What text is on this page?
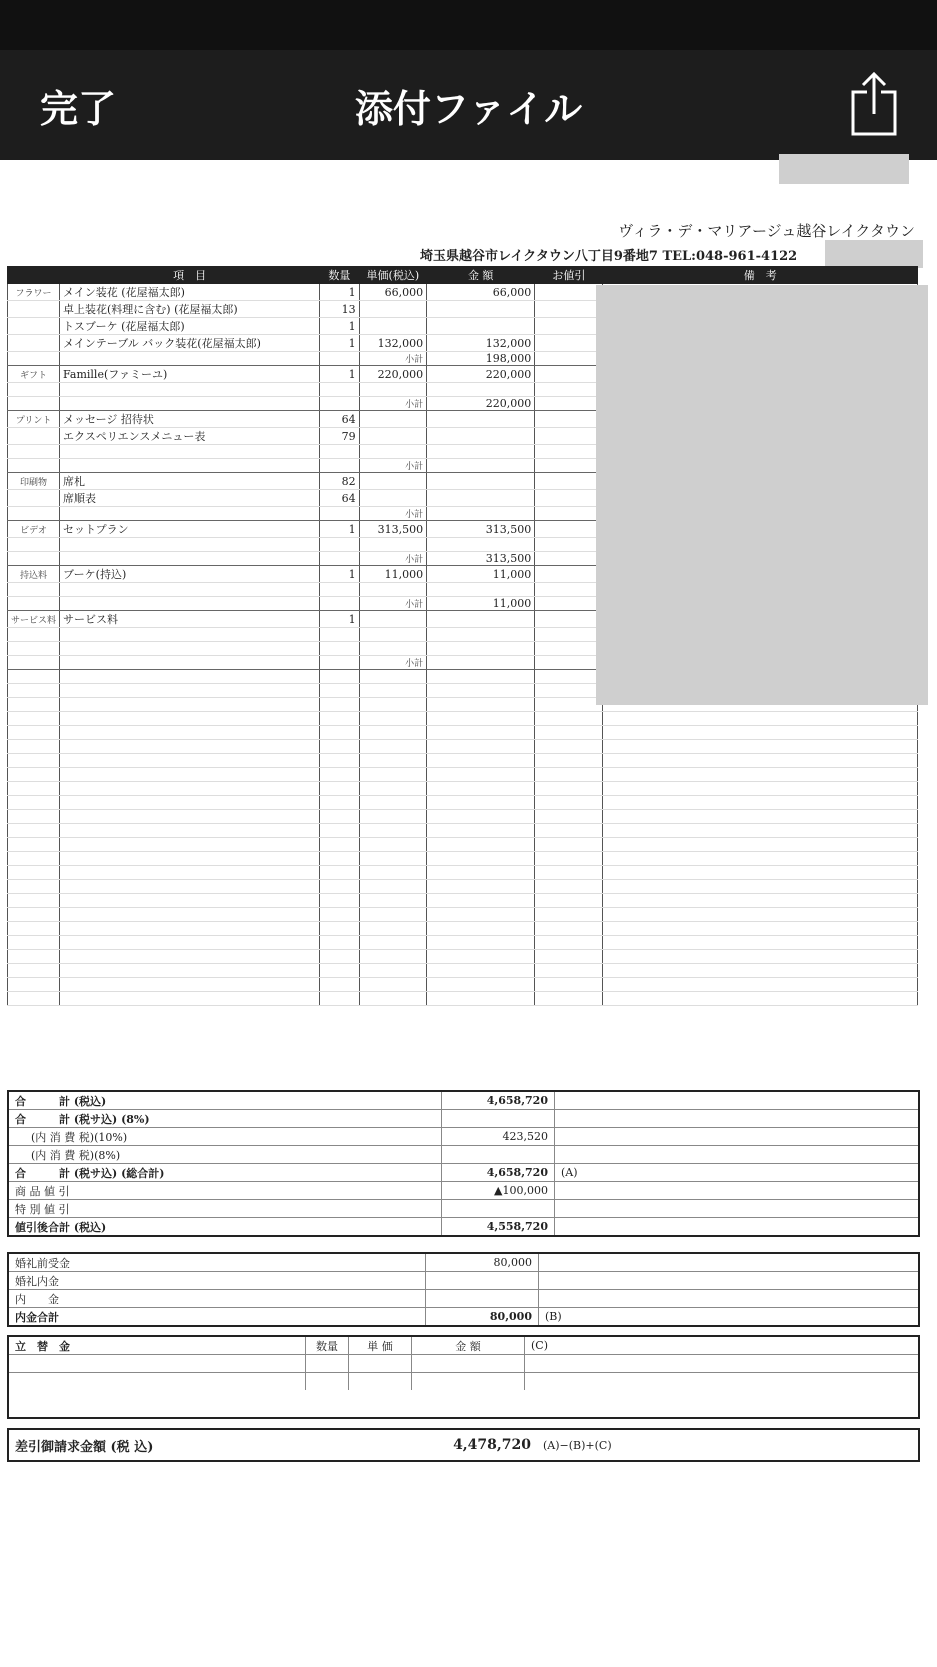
完了	添付ファイル
ヴィラ・デ・マリアージュ越谷レイクタウン
埼玉県越谷市レイクタウン八丁目9番地7 TEL:048-961-4122
	項　目	数量	単価(税込)	金 額	お値引	備　考
フラワー	メイン装花 (花屋福太郎)	1	66,000	66,000		
	卓上装花(料理に含む) (花屋福太郎)	13				
	トスブーケ (花屋福太郎)	1				
	メインテーブル バック装花(花屋福太郎)	1	132,000	132,000		
			小計	198,000		
ギフト	Famille(ファミーユ)	1	220,000	220,000		

			小計	220,000		
プリント	メッセージ 招待状	64				
	エクスペリエンスメニュー表	79				

			小計			
印刷物	席札	82				
	席順表	64				
			小計			
ビデオ	セットプラン	1	313,500	313,500		

			小計	313,500		
持込料	ブーケ(持込)	1	11,000	11,000		

			小計	11,000		
サービス料	サービス料	1				

			小計			

合　　　計 (税込)	4,658,720	
合　　　計 (税サ込) (8%)		
(内 消 費 税)(10%)	423,520	
(内 消 費 税)(8%)		
合　　　計 (税サ込) (総合計)	4,658,720	(A)
商 品 値 引	▲100,000	
特 別 値 引		
値引後合計 (税込)	4,558,720	
婚礼前受金	80,000	
婚礼内金		
内　　金		
内金合計	80,000	(B)
立　替　金	数量	単 価	金 額	(C)

差引御請求金額 (税 込)	4,478,720	(A)−(B)+(C)
